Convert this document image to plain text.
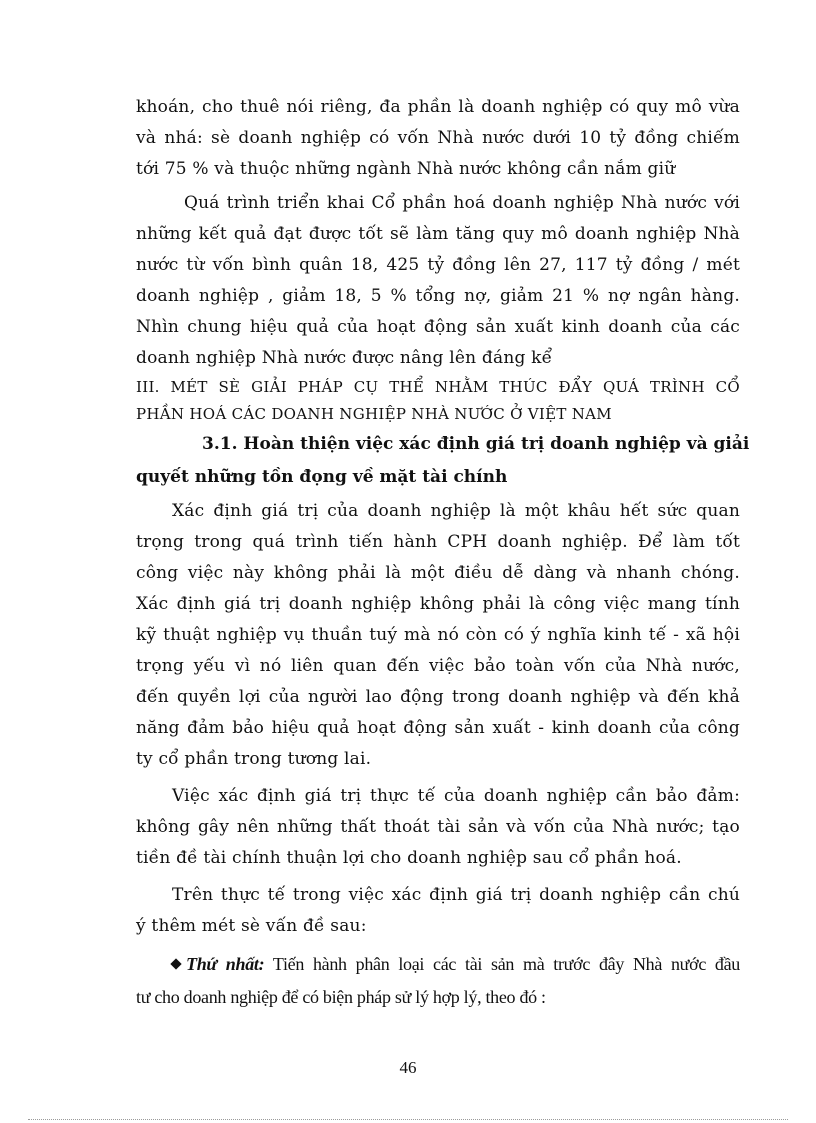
khoán, cho thuê nói riêng, đa phần là doanh nghiệp có quy mô vừa
và nhá: sè doanh nghiệp có vốn Nhà nước dưới 10 tỷ đồng chiếm
tới 75 % và thuộc những ngành Nhà nước không cần nắm giữ
Quá trình triển khai Cổ phần hoá doanh nghiệp Nhà nước với
những kết quả đạt được tốt sẽ làm tăng quy mô doanh nghiệp Nhà
nước từ vốn bình quân 18, 425 tỷ đồng lên 27, 117 tỷ đồng / mét
doanh nghiệp , giảm 18, 5 % tổng nợ, giảm 21 % nợ ngân hàng.
Nhìn chung hiệu quả của hoạt động sản xuất kinh doanh của các
doanh nghiệp Nhà nước được nâng lên đáng kể
III. MÉT SÈ GIẢI PHÁP CỤ THỂ NHẰM THÚC ĐẨY QUÁ TRÌNH CỔ
PHẦN HOÁ CÁC DOANH NGHIỆP NHÀ NƯỚC Ở VIỆT NAM
3.1. Hoàn thiện việc xác định giá trị doanh nghiệp và giải
quyết những tồn đọng về mặt tài chính
Xác định giá trị của doanh nghiệp là một khâu hết sức quan
trọng trong quá trình tiến hành CPH doanh nghiệp. Để làm tốt
công việc này không phải là một điều dễ dàng và nhanh chóng.
Xác định giá trị doanh nghiệp không phải là công việc mang tính
kỹ thuật nghiệp vụ thuần tuý mà nó còn có ý nghĩa kinh tế - xã hội
trọng yếu vì nó liên quan đến việc bảo toàn vốn của Nhà nước,
đến quyền lợi của người lao động trong doanh nghiệp và đến khả
năng đảm bảo hiệu quả hoạt động sản xuất - kinh doanh của công
ty cổ phần trong tương lai.
Việc xác định giá trị thực tế của doanh nghiệp cần bảo đảm:
không gây nên những thất thoát tài sản và vốn của Nhà nước; tạo
tiền đề tài chính thuận lợi cho doanh nghiệp sau cổ phần hoá.
Trên thực tế trong việc xác định giá trị doanh nghiệp cần chú
ý thêm mét sè vấn đề sau:
Thứ nhất: Tiến hành phân loại các tài sản mà trước đây Nhà nước đầu
tư cho doanh nghiệp để có biện pháp sử lý hợp lý, theo đó :
46
